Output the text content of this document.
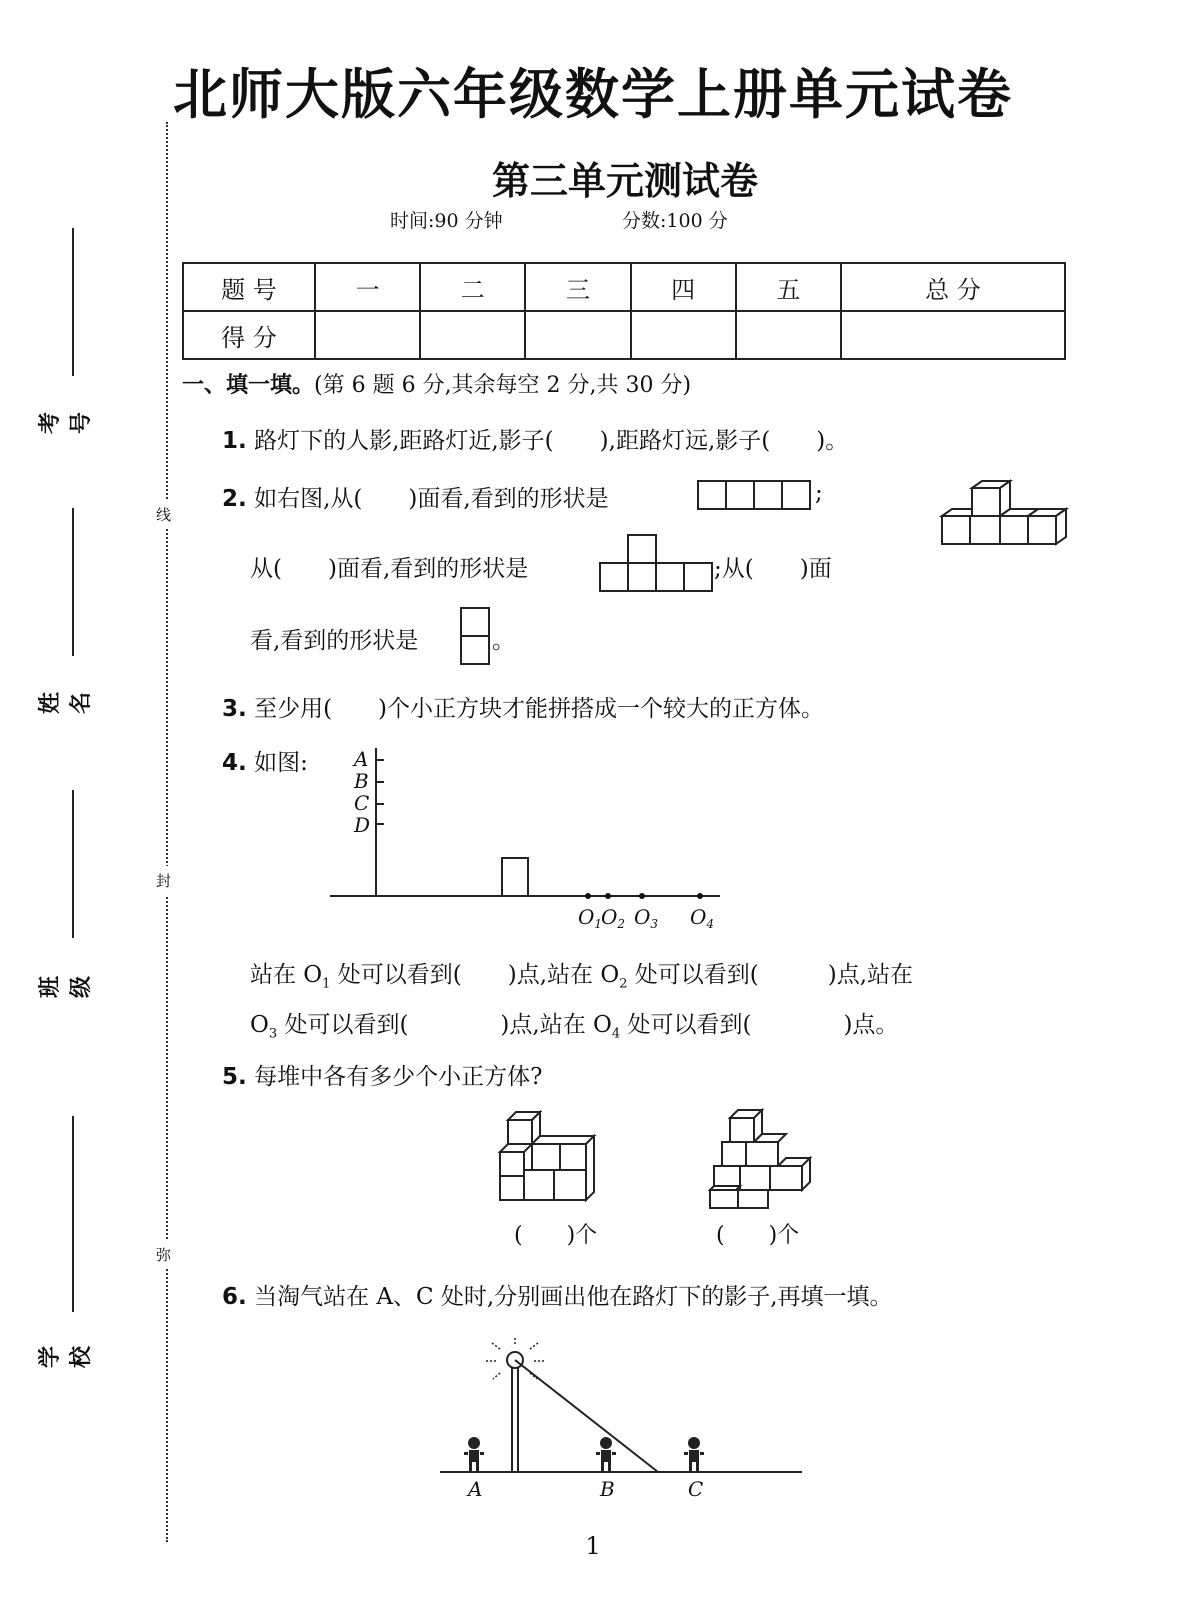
北师大版六年级数学上册单元试卷
第三单元测试卷
时间:90 分钟	分数:100 分
线
封
弥
考号
姓名
班级
学校
题 号	一	二	三	四	五	总 分
得 分						
一、填一填。(第 6 题 6 分,其余每空 2 分,共 30 分)
1. 路灯下的人影,距路灯近,影子(　　),距路灯远,影子(　　)。
2. 如右图,从(　　)面看,看到的形状是	;
从(　　)面看,看到的形状是	;从(　　)面
看,看到的形状是	。
3. 至少用(　　)个小正方块才能拼搭成一个较大的正方体。
4. 如图: A
B
C
D
$O_1$
$O_2$ $O_3$ $O_4$
站在 $O_1$ 处可以看到(　　)点,站在 $O_2$ 处可以看到(　　　)点,站在
$O_3$ 处可以看到(　　　　)点,站在 $O_4$ 处可以看到(　　　　)点。
5. 每堆中各有多少个小正方体?
(　　)个	(　　)个
6. 当淘气站在 A、C 处时,分别画出他在路灯下的影子,再填一填。
A	B	C
1
